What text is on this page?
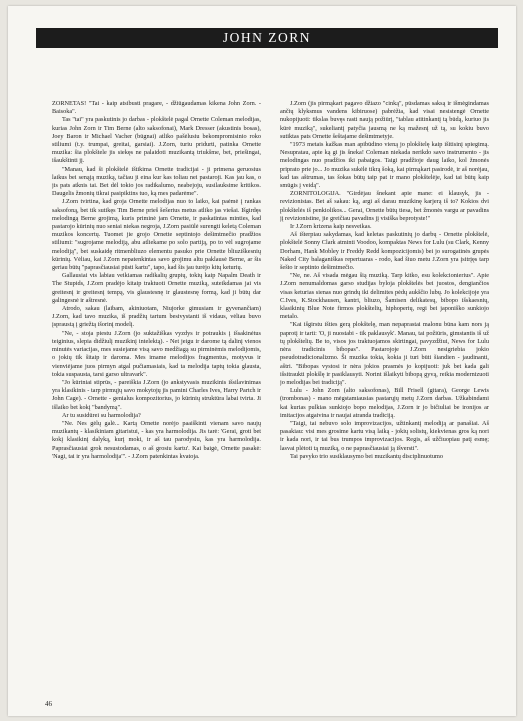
JOHN ZORN

ZORNETAS! "Tai - kaip atsibusti pragare, - džiūgaudamas kikena John Zorn. - Baisoka".

Tas "tai" yra paskutinis jo darbas - plokštelė pagal Ornette Coleman melodijas, kurias John Zorn ir Tim Berne (alto saksofonai), Mark Dresser (akustinis bosas), Joey Baron ir Michael Vacher (būgnai) atliko pašėlusiu bekompromisinio roko stiliumi (t.y. trumpai, greitai, garsiai). J.Zorn, turiu pridurti, patinka Ornette muzika: šia plokštele jis siekęs ne palaidoti muzikantą triukšme, bet, priešingai, išaukštinti jį.

"Manau, kad ši plokštelė ištikima Ornette tradicijai - ji primena geruosius laikus bei senąją muziką, tačiau ji eina kur kas toliau nei pastaroji. Kas jau kas, o jis pats atknis tai. Bet dėl tokio jos radikalumo, neabejoju, susilauksime kritikos. Daugelis žmonių tikrai pasipiktins tuo, ką mes padarėme".

J.Zorn tvirtina, kad groja Ornette melodijas nuo to laiko, kai paėmė į rankas saksofoną, bet tik sutikęs Tim Berne prieš šešerius metus atliko jas viešai. Išgirdęs melodingą Berne grojimą, kuris priminė jam Ornette, ir paskatintas minties, kad pastarojo kūrinių nuo seniai niekas negroja, J.Zorn pasiūlė surengti keletą Coleman muzikos koncertų. Tuomet jie grojo Ornette septintojo dešimtmečio pradžios stiliumi: "sugrojame melodiją, abu atliekame po solo partiją, po to vėl sugrojame melodiją", bet suskaidę ritmenbliuzo elementu pasuko prie Ornette bliuziškesnių kūrinių. Vėliau, kai J.Zorn nepatenkintas savo grojimu altu paklausė Berne, ar šis geriau būtų "paprasčiausiai pūsti kartu", tapo, kad šis jau turėjo kitų keturių.

Gallausiai vis labiau veikiamas radikalių grupių, tokių kaip Napalm Death ir The Stupids, J.Zorn pradėjo kitaip traktuoti Ornette muziką, suteikdamas jai vis greitesnį ir greitesnį tempą, vis glaustesnę ir glaustesnę formą, kad ji būtų dar galingesnė ir aštresnė.

Atrodo, sakau (laibam, akiniuotam, Niujorke gimusiam ir gyvenančiam) J.Zorn, kad tavo muzika, iš pradžių tartum besivystanti iš vidaus, vėliau buvo įspraustą į griežtą išorinį modelį.

"Ne, - stoja piestu J.Zorn (jo suktažiškas vyzdys ir potraukis į išsakinėtus teiginius, slepia didžiulį muzikinį intelektą). - Net jeigu ir darome tą dalinį vienos minutės variacijas, mes susiejame visą savo medžiagą su pirminėmis melodijomis, o jokių tik šitaip ir daroma. Mes imame melodijos fragmentus, motyvus ir vienviėjame juos pirmyn atgal pučiamasiais, kad ta melodija taptų tokia glausta, tokia suspausta, tarsi garso ultravark".

"Jo kūriniai stiprūs, - pareiškia J.Zorn (jo ankstyvasis muzikinis išsilavinimas yra klasikinis - tarp pirmųjų savo mokytojų jis pamini Charles Ives, Harry Partch ir John Cage). - Ornette - genialus kompozitorius, jo kūrinių struktūra labai tvirta. Ji išlaiko bet kokį "bandymą".

Ar tu susidūrei su harmolodija?

"Ne. Nes gėlų galė... Kartą Ornette norėjo paaiškinti vienam savo naujų muzikantų - klasikiniam gitaristui, - kas yra harmolodija. Jis tarė: 'Gerai, groti bet kokį klasikinį dalyką, kurį moki, ir aš tau parodysiu, kas yra harmolodija. Paprasčiausiai grok nesustodamas, o aš grosiu kartu'. Kai baigė, Ornette pasakė: 'Nagi, tai ir yra harmolodija'". - J.Zorn patenkintas kvatoja.

J.Zorn (jis pirmąkart pagavo džiazo "cinką", pūsdamas saksą ir išmėgindamas ančių klyksmus vandens kibiruose) pabrėžia, kad visai nesistengė Ornette nukopijuoti: tikslas buvęs rasti naują požiūrį, "tablau atitinkantį tą būdą, kuriuo jis kūrė muziką", sukeliantį patyčia jausmą ne ką mažesnį už tą, su kokiu buvo sutiktas pats Ornette šeštajame dešimtmetyje.

"1973 metais kažkas man apibūdino vieną jo plokštelę kaip išitisinį spiegimą. Nesupratau, apie ką gi jis šneka! Coleman niekada nerikdo savo instrumento - jis melodingas nuo pradžios iki pabaigos. Taigi pradžioje daug laiko, kol žmonės priprato prie jo... Jo muzika sukėlė tikrą šoką, kai pirmąkart pasirodė, ir aš norėjau, kad tas aštrumas, tas šokas būtų taip pat ir mano plokštelėje, kad tai būtų kaip smūgis į veidą".

ZORNITOLOGIJA. "Girdėjau šnekant apie mane: ei klausyk, jis - revizionistas. Bet aš sakau: ką, argi aš darau muzikinę karjerą iš to? Kokios dvi plokštelės iš penkiolikos... Gerai, Ornette būtų tiesa, bet žmonės vargu ar pavadins jį revizionistine, jie greičiau pavadins jį visiška beprotyste!"

Ir J.Zorn krizena kaip nesveikas.

Aš išterpiau sakydamas, kad keletas paskutinių jo darbų - Ornette plokštelė, plokštelė Sonny Clark atminti Voodoo, kompaktas News for Lulu (su Clark, Kenny Dorham, Hank Mobley ir Freddy Redd kompozicijomis) bei jo surogatinės grupės Naked City balaganiškas repertuaras - rodo, kad šiuo metu J.Zorn yra įsitrįęs tarp šešto ir septinto dešimtmečio.

"Ne, ne. Aš visada mėgau šią muziką. Tarp kitko, esu kolekcionierius". Apie J.Zorn nenumaldomas garso studijas byloja plokštelės bei juostos, dengiančios visas keturias sienas nuo grindų iki delimites pėdų aukščio lubų. Jo kolekcijoje yra C.Ives, K.Stockhausen, kantri, bliuzo, Šamisen delikatesų, bibopo išskaesnių, klasikinių Blue Note firmos plokštelių, hiphoperių, regi bei japoniško sunkiojo metalo.

"Kai išgirstu išties gerą plokštelę, man nepaprastai malonu būna kam nors ją paprotį ir tarti: 'O, ji nuostabi - tik paklausyk'. Manau, tai požiūris, gimstantis iš už tų plokštelių. Be to, visos jos traktuojamos skirtingai, pavyzdžiui, News for Lulu nėra tradicinis bibopas". Pastarojoje J.Zorn nesigriebia jokio pseudotradicionalizmo. Ši muzika tokia, kokia ji turi būti šiandien - jaudinanti, aštri. "Bibopas vystosi ir nėra jokios prasmės jo kopijuoti: juk bet kada gali išsitraukti plokšlę ir pasiklausyti. Norint išlaikyti bibopą gyvą, reikia modernizuoti jo melodijas bei tradiciją".

Lulu - John Zorn (alto saksofonas), Bill Frisell (gitara), George Lewis (trombonas) - mano mėgstamiausias pastarųjų metų J.Zorn darbas. Užkabindami kai kurias pulkias sunkiojo bopo melodijas, J.Zorn ir jo bičiuliai be ironijos ar imitacijos atgaivina ir naujai atranda tradiciją.

"Taigi, tai nebuvo solo improvizacijos, užtinkantį melodiją ar panašiai. Aš pasakiau: visi mes grosime kartu visą laiką - jokių solistų, kiekvienas gros ką nori ir kada nori, ir tai bus trumpos improvizacijos. Regis, aš užčiuopiau patį esmę; lasvai plėtoti tą muziką, o ne paprasčiausiai ją išversti".

Tai pavyko trio susiklausymo bei muzikantų disciplinuotumo

46
